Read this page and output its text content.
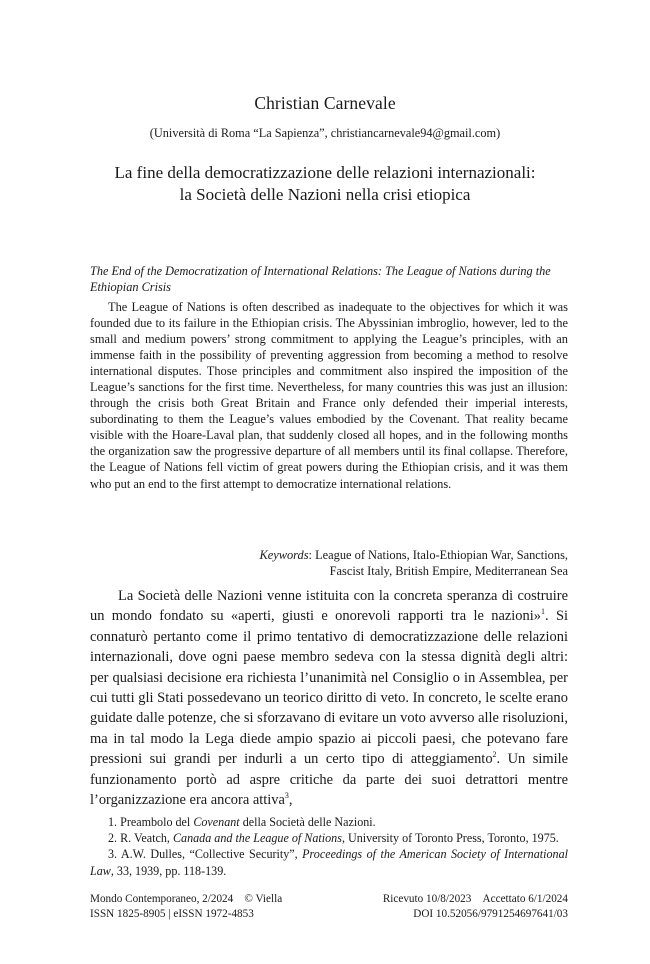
Christian Carnevale
(Università di Roma “La Sapienza”, christiancarnevale94@gmail.com)
La fine della democratizzazione delle relazioni internazionali:
la Società delle Nazioni nella crisi etiopica
The End of the Democratization of International Relations: The League of Nations during the Ethiopian Crisis
The League of Nations is often described as inadequate to the objectives for which it was founded due to its failure in the Ethiopian crisis. The Abyssinian imbroglio, however, led to the small and medium powers’ strong commitment to applying the League’s principles, with an immense faith in the possibility of preventing aggression from becoming a method to resolve international disputes. Those principles and commitment also inspired the imposition of the League’s sanctions for the first time. Nevertheless, for many countries this was just an illusion: through the crisis both Great Britain and France only defended their imperial interests, subordinating to them the League’s values embodied by the Covenant. That reality became visible with the Hoare-Laval plan, that suddenly closed all hopes, and in the following months the organization saw the progressive departure of all members until its final collapse. Therefore, the League of Nations fell victim of great powers during the Ethiopian crisis, and it was them who put an end to the first attempt to democratize international relations.
Keywords: League of Nations, Italo-Ethiopian War, Sanctions,
Fascist Italy, British Empire, Mediterranean Sea
La Società delle Nazioni venne istituita con la concreta speranza di costruire un mondo fondato su «aperti, giusti e onorevoli rapporti tra le nazioni»$^1$. Si connaturò pertanto come il primo tentativo di democratizzazione delle relazioni internazionali, dove ogni paese membro sedeva con la stessa dignità degli altri: per qualsiasi decisione era richiesta l’unanimità nel Consiglio o in Assemblea, per cui tutti gli Stati possedevano un teorico diritto di veto. In concreto, le scelte erano guidate dalle potenze, che si sforzavano di evitare un voto avverso alle risoluzioni, ma in tal modo la Lega diede ampio spazio ai piccoli paesi, che potevano fare pressioni sui grandi per indurli a un certo tipo di atteggiamento$^2$. Un simile funzionamento portò ad aspre critiche da parte dei suoi detrattori mentre l’organizzazione era ancora attiva$^3$,
1. Preambolo del Covenant della Società delle Nazioni.
2. R. Veatch, Canada and the League of Nations, University of Toronto Press, Toronto, 1975.
3. A.W. Dulles, “Collective Security”, Proceedings of the American Society of International Law, 33, 1939, pp. 118-139.
Mondo Contemporaneo, 2/2024 © Viella
ISSN 1825-8905 | eISSN 1972-4853
Ricevuto 10/8/2023 Accettato 6/1/2024
DOI 10.52056/9791254697641/03
